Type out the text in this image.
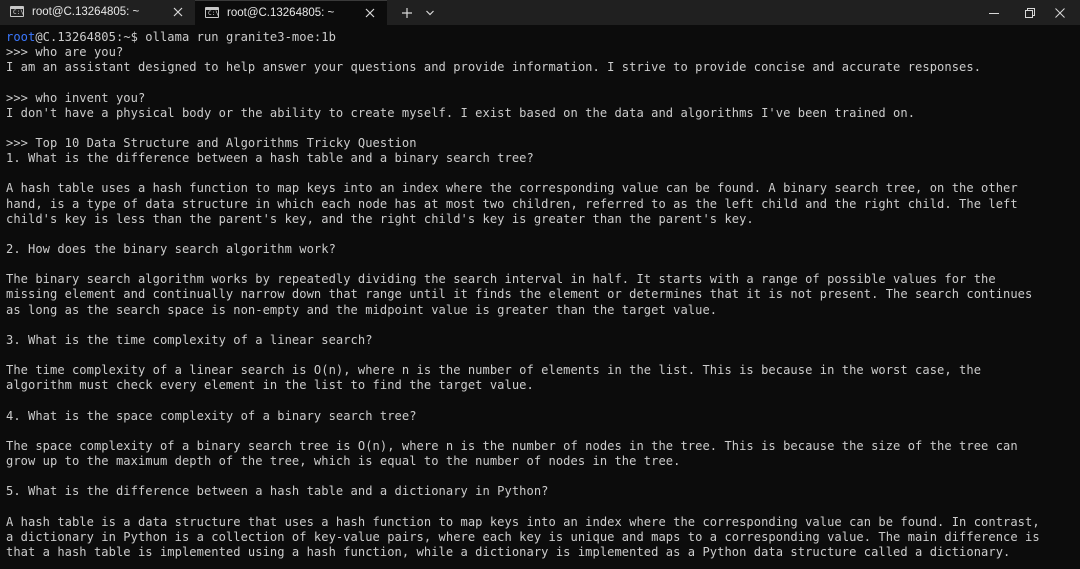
C:\ root@C.13264805: ~	C:\ root@C.13264805: ~
root@C.13264805:~$ ollama run granite3-moe:1b
>>> who are you?
I am an assistant designed to help answer your questions and provide information. I strive to provide concise and accurate responses.
>>> who invent you?
I don't have a physical body or the ability to create myself. I exist based on the data and algorithms I've been trained on.
>>> Top 10 Data Structure and Algorithms Tricky Question
1. What is the difference between a hash table and a binary search tree?
A hash table uses a hash function to map keys into an index where the corresponding value can be found. A binary search tree, on the other
hand, is a type of data structure in which each node has at most two children, referred to as the left child and the right child. The left
child's key is less than the parent's key, and the right child's key is greater than the parent's key.
2. How does the binary search algorithm work?
The binary search algorithm works by repeatedly dividing the search interval in half. It starts with a range of possible values for the
missing element and continually narrow down that range until it finds the element or determines that it is not present. The search continues
as long as the search space is non-empty and the midpoint value is greater than the target value.
3. What is the time complexity of a linear search?
The time complexity of a linear search is O(n), where n is the number of elements in the list. This is because in the worst case, the
algorithm must check every element in the list to find the target value.
4. What is the space complexity of a binary search tree?
The space complexity of a binary search tree is O(n), where n is the number of nodes in the tree. This is because the size of the tree can
grow up to the maximum depth of the tree, which is equal to the number of nodes in the tree.
5. What is the difference between a hash table and a dictionary in Python?
A hash table is a data structure that uses a hash function to map keys into an index where the corresponding value can be found. In contrast,
a dictionary in Python is a collection of key-value pairs, where each key is unique and maps to a corresponding value. The main difference is
that a hash table is implemented using a hash function, while a dictionary is implemented as a Python data structure called a dictionary.
